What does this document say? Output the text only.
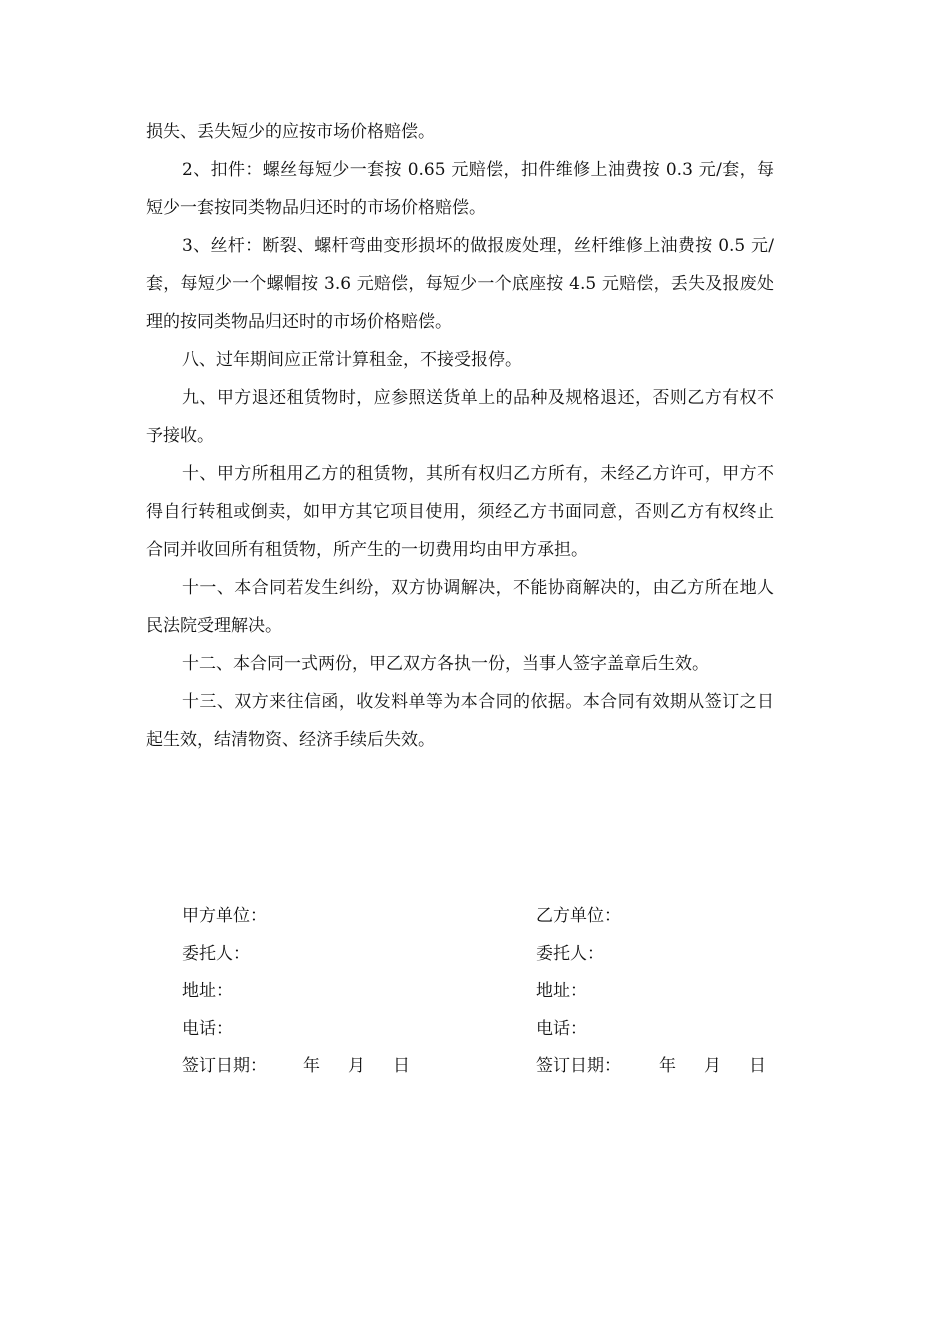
损失、丢失短少的应按市场价格赔偿。

2、扣件：螺丝每短少一套按 0.65 元赔偿，扣件维修上油费按 0.3 元/套，每短少一套按同类物品归还时的市场价格赔偿。

3、丝杆：断裂、螺杆弯曲变形损坏的做报废处理，丝杆维修上油费按 0.5 元/套，每短少一个螺帽按 3.6 元赔偿，每短少一个底座按 4.5 元赔偿，丢失及报废处理的按同类物品归还时的市场价格赔偿。

八、过年期间应正常计算租金，不接受报停。

九、甲方退还租赁物时，应参照送货单上的品种及规格退还，否则乙方有权不予接收。

十、甲方所租用乙方的租赁物，其所有权归乙方所有，未经乙方许可，甲方不得自行转租或倒卖，如甲方其它项目使用，须经乙方书面同意，否则乙方有权终止合同并收回所有租赁物，所产生的一切费用均由甲方承担。

十一、本合同若发生纠纷，双方协调解决，不能协商解决的，由乙方所在地人民法院受理解决。

十二、本合同一式两份，甲乙双方各执一份，当事人签字盖章后生效。

十三、双方来往信函，收发料单等为本合同的依据。本合同有效期从签订之日起生效，结清物资、经济手续后失效。

甲方单位：
委托人：
地址：
电话：
签订日期： 年 月 日
乙方单位：
委托人：
地址：
电话：
签订日期： 年 月 日
